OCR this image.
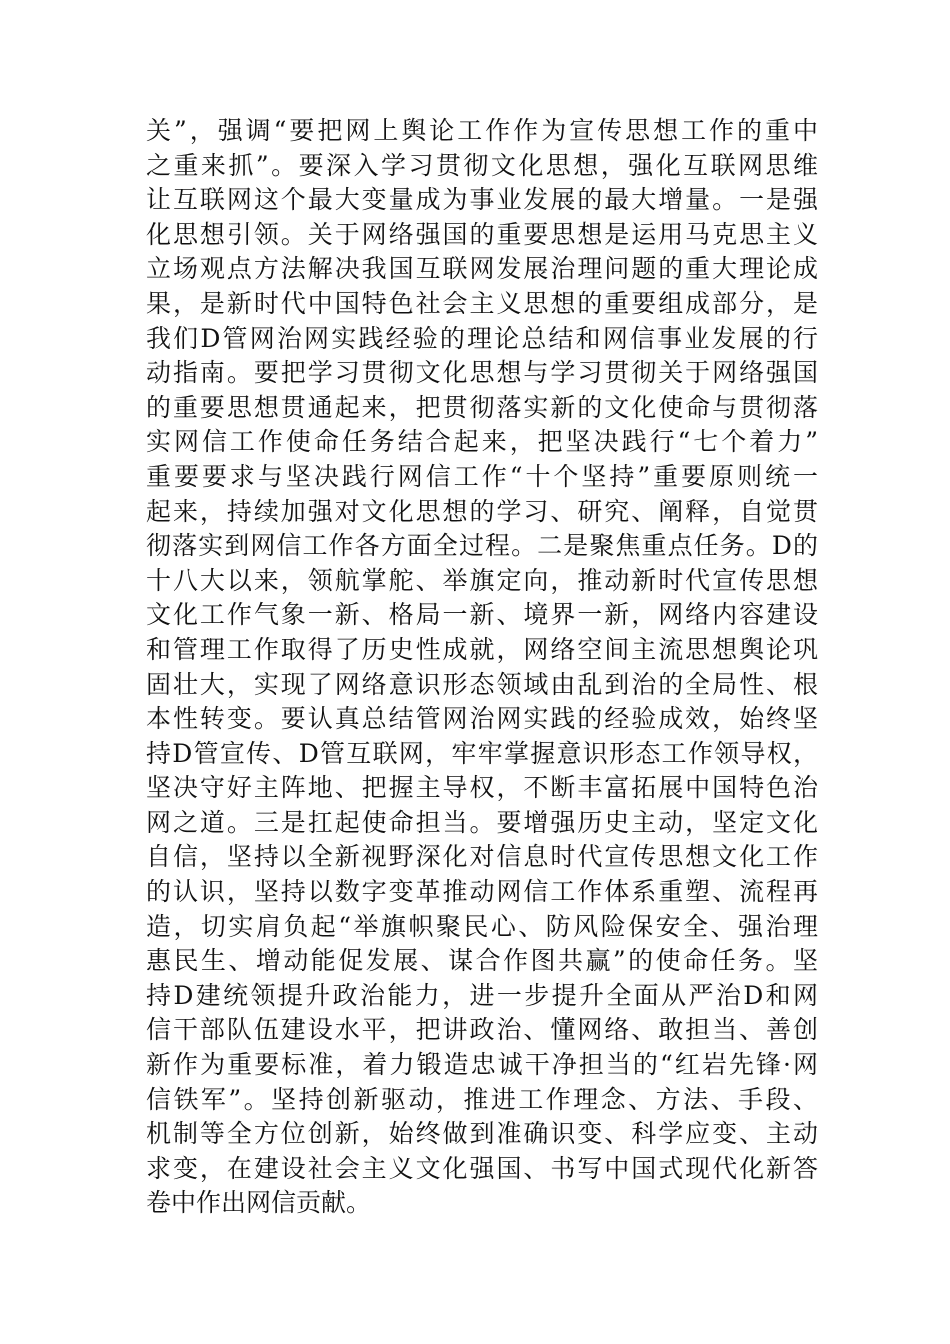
关”，强调“要把网上舆论工作作为宣传思想工作的重中
之重来抓”。要深入学习贯彻文化思想，强化互联网思维
让互联网这个最大变量成为事业发展的最大增量。一是强
化思想引领。关于网络强国的重要思想是运用马克思主义
立场观点方法解决我国互联网发展治理问题的重大理论成
果，是新时代中国特色社会主义思想的重要组成部分，是
我们D管网治网实践经验的理论总结和网信事业发展的行
动指南。要把学习贯彻文化思想与学习贯彻关于网络强国
的重要思想贯通起来，把贯彻落实新的文化使命与贯彻落
实网信工作使命任务结合起来，把坚决践行“七个着力”
重要要求与坚决践行网信工作“十个坚持”重要原则统一
起来，持续加强对文化思想的学习、研究、阐释，自觉贯
彻落实到网信工作各方面全过程。二是聚焦重点任务。D的
十八大以来，领航掌舵、举旗定向，推动新时代宣传思想
文化工作气象一新、格局一新、境界一新，网络内容建设
和管理工作取得了历史性成就，网络空间主流思想舆论巩
固壮大，实现了网络意识形态领域由乱到治的全局性、根
本性转变。要认真总结管网治网实践的经验成效，始终坚
持D管宣传、D管互联网，牢牢掌握意识形态工作领导权，
坚决守好主阵地、把握主导权，不断丰富拓展中国特色治
网之道。三是扛起使命担当。要增强历史主动，坚定文化
自信，坚持以全新视野深化对信息时代宣传思想文化工作
的认识，坚持以数字变革推动网信工作体系重塑、流程再
造，切实肩负起“举旗帜聚民心、防风险保安全、强治理
惠民生、增动能促发展、谋合作图共赢”的使命任务。坚
持D建统领提升政治能力，进一步提升全面从严治D和网
信干部队伍建设水平，把讲政治、懂网络、敢担当、善创
新作为重要标准，着力锻造忠诚干净担当的“红岩先锋·网
信铁军”。坚持创新驱动，推进工作理念、方法、手段、
机制等全方位创新，始终做到准确识变、科学应变、主动
求变，在建设社会主义文化强国、书写中国式现代化新答
卷中作出网信贡献。
